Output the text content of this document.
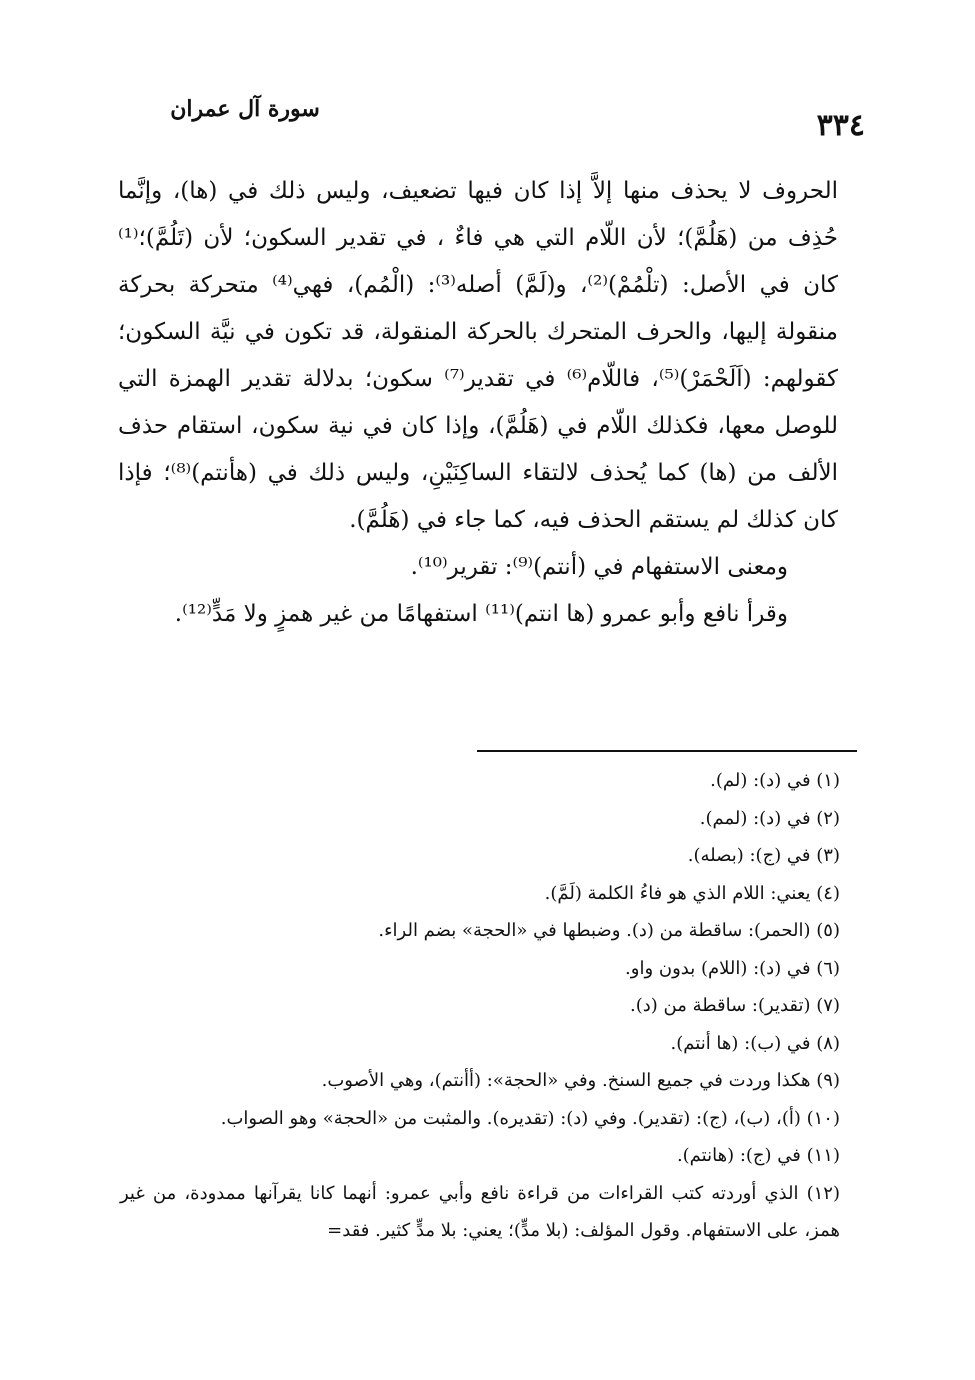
سورة آل عمران	٣٣٤

الحروف لا يحذف منها إلاَّ إذا كان فيها تضعيف، وليس ذلك في (ها)، وإنَّما حُذِف من (هَلُمَّ)؛ لأن اللّام التي هي فاءٌ ، في تقدير السكون؛ لأن (تَلُمَّ)؛⁽¹⁾ كان في الأصل: (تلْمُمْ)⁽²⁾، و(لَمَّ) أصله⁽³⁾: (الْمُم)، فهي⁽⁴⁾ متحركة بحركة منقولة إليها، والحرف المتحرك بالحركة المنقولة، قد تكون في نيَّة السكون؛ كقولهم: (اَلَحْمَرْ)⁽⁵⁾، فاللّام⁽⁶⁾ في تقدير⁽⁷⁾ سكون؛ بدلالة تقدير الهمزة التي للوصل معها، فكذلك اللّام في (هَلُمَّ)، وإذا كان في نية سكون، استقام حذف الألف من (ها) كما يُحذف لالتقاء الساكِنَيْنِ، وليس ذلك في (هأنتم)⁽⁸⁾؛ فإذا كان كذلك لم يستقم الحذف فيه، كما جاء في (هَلُمَّ).

ومعنى الاستفهام في (أنتم)⁽⁹⁾: تقرير⁽¹⁰⁾.

وقرأ نافع وأبو عمرو (ها انتم)⁽¹¹⁾ استفهامًا من غير همزٍ ولا مَدٍّ⁽¹²⁾.

(١) في (د): (لم).

(٢) في (د): (لمم).

(٣) في (ج): (بصله).

(٤) يعني: اللام الذي هو فاءُ الكلمة (لَمَّ).

(٥) (الحمر): ساقطة من (د). وضبطها في «الحجة» بضم الراء.

(٦) في (د): (اللام) بدون واو.

(٧) (تقدير): ساقطة من (د).

(٨) في (ب): (ها أنتم).

(٩) هكذا وردت في جميع السنخ. وفي «الحجة»: (أأنتم)، وهي الأصوب.

(١٠) (أ)، (ب)، (ج): (تقدير). وفي (د): (تقديره). والمثبت من «الحجة» وهو الصواب.

(١١) في (ج): (هانتم).

(١٢) الذي أوردته كتب القراءات من قراءة نافع وأبي عمرو: أنهما كانا يقرآنها ممدودة، من غير همز، على الاستفهام. وقول المؤلف: (بلا مدٍّ)؛ يعني: بلا مدٍّ كثير. فقد=
